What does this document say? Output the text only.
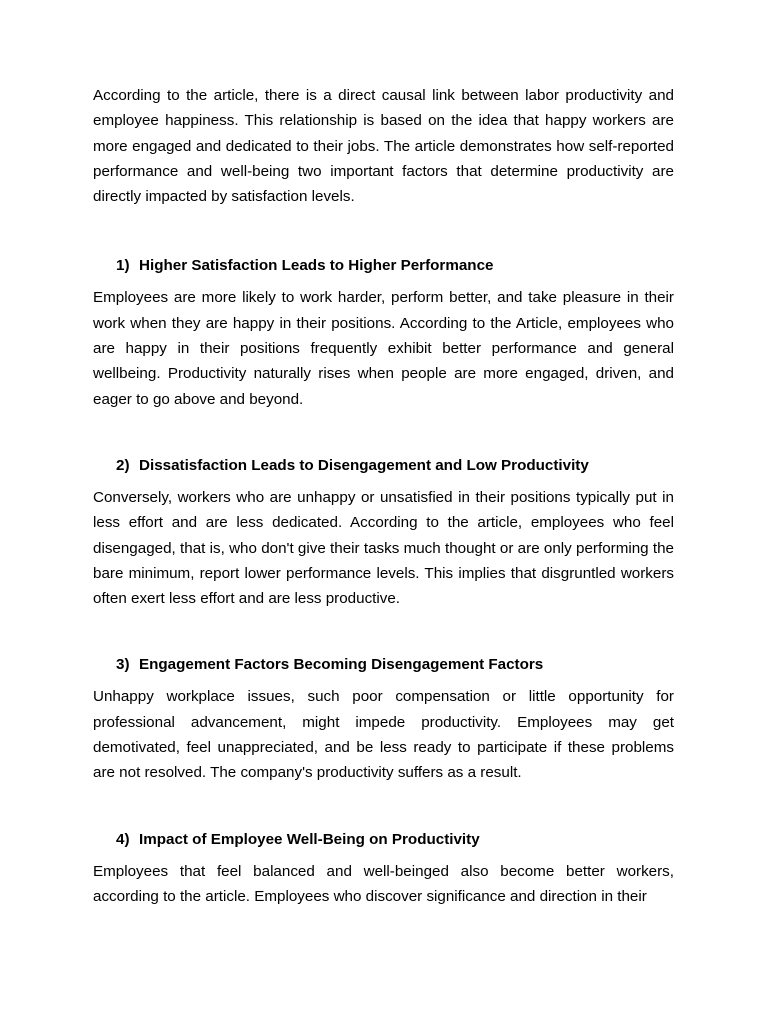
According to the article, there is a direct causal link between labor productivity and employee happiness. This relationship is based on the idea that happy workers are more engaged and dedicated to their jobs. The article demonstrates how self-reported performance and well-being two important factors that determine productivity are directly impacted by satisfaction levels.

1) Higher Satisfaction Leads to Higher Performance

Employees are more likely to work harder, perform better, and take pleasure in their work when they are happy in their positions. According to the Article, employees who are happy in their positions frequently exhibit better performance and general wellbeing. Productivity naturally rises when people are more engaged, driven, and eager to go above and beyond.

2) Dissatisfaction Leads to Disengagement and Low Productivity

Conversely, workers who are unhappy or unsatisfied in their positions typically put in less effort and are less dedicated. According to the article, employees who feel disengaged, that is, who don't give their tasks much thought or are only performing the bare minimum, report lower performance levels. This implies that disgruntled workers often exert less effort and are less productive.

3) Engagement Factors Becoming Disengagement Factors

Unhappy workplace issues, such poor compensation or little opportunity for professional advancement, might impede productivity. Employees may get demotivated, feel unappreciated, and be less ready to participate if these problems are not resolved. The company's productivity suffers as a result.

4) Impact of Employee Well-Being on Productivity

Employees that feel balanced and well-beinged also become better workers, according to the article. Employees who discover significance and direction in their
